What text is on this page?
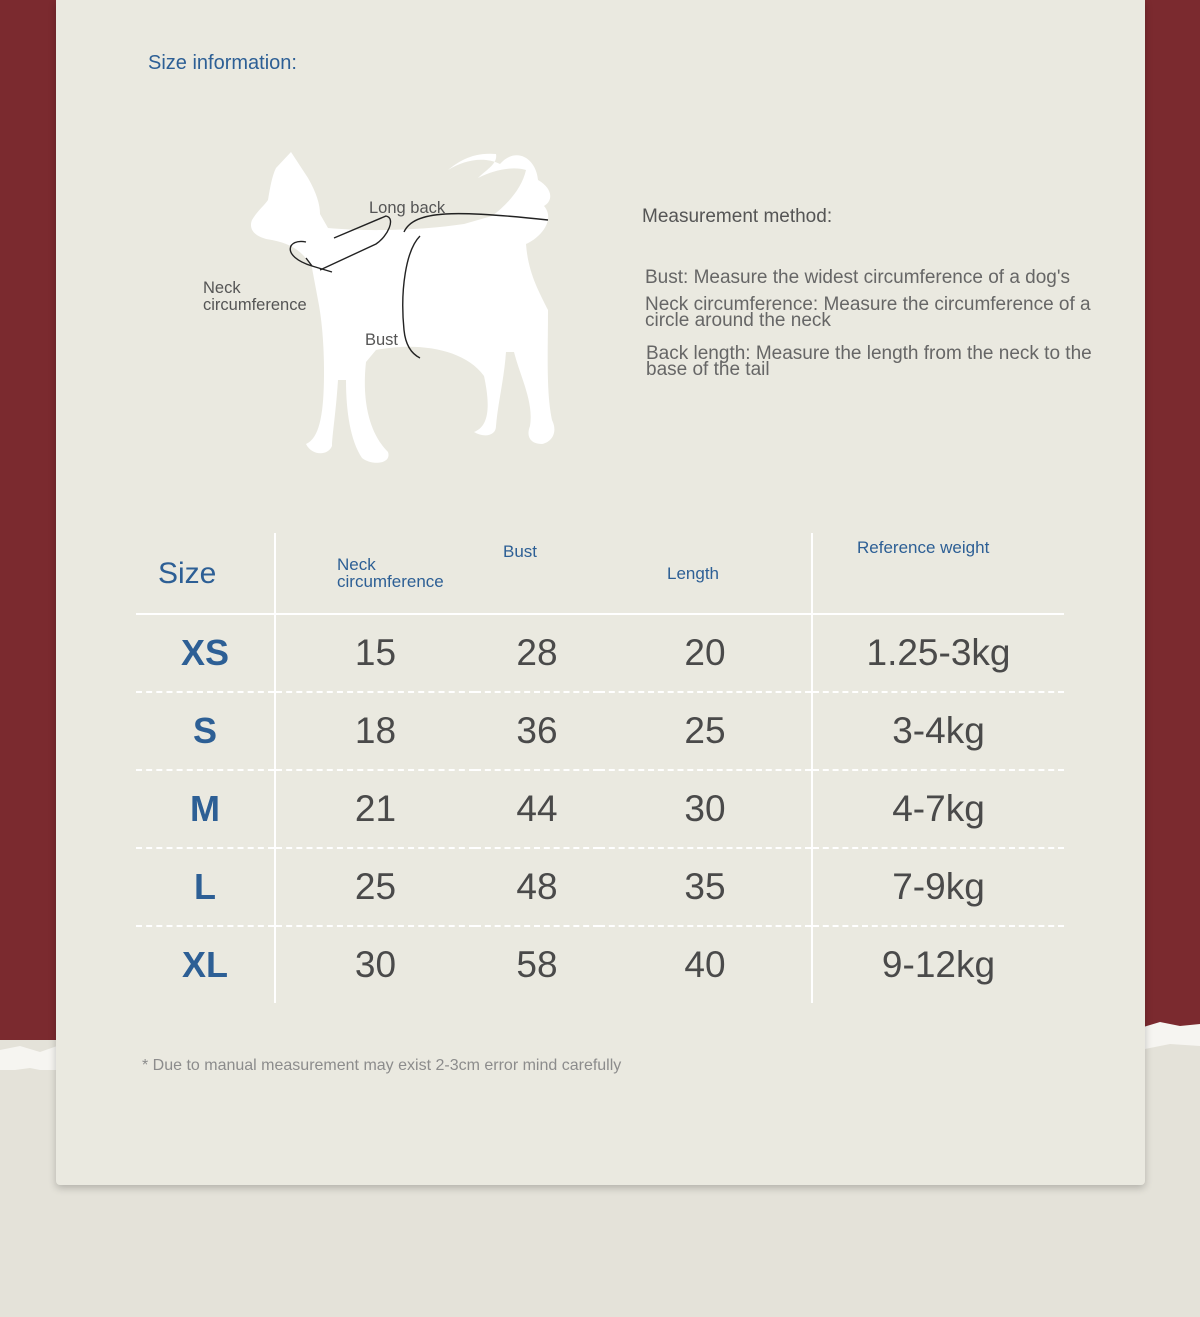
Size information:
Long back
Neck circumference
Bust
Measurement method:
Bust: Measure the widest circumference of a dog's
Neck circumference: Measure the circumference of a circle around the neck
Back length: Measure the length from the neck to the base of the tail
Size	Neck circumference	Bust	Length	Reference weight
XS	15	28	20	1.25-3kg
S	18	36	25	3-4kg
M	21	44	30	4-7kg
L	25	48	35	7-9kg
XL	30	58	40	9-12kg
* Due to manual measurement may exist 2-3cm error mind carefully
